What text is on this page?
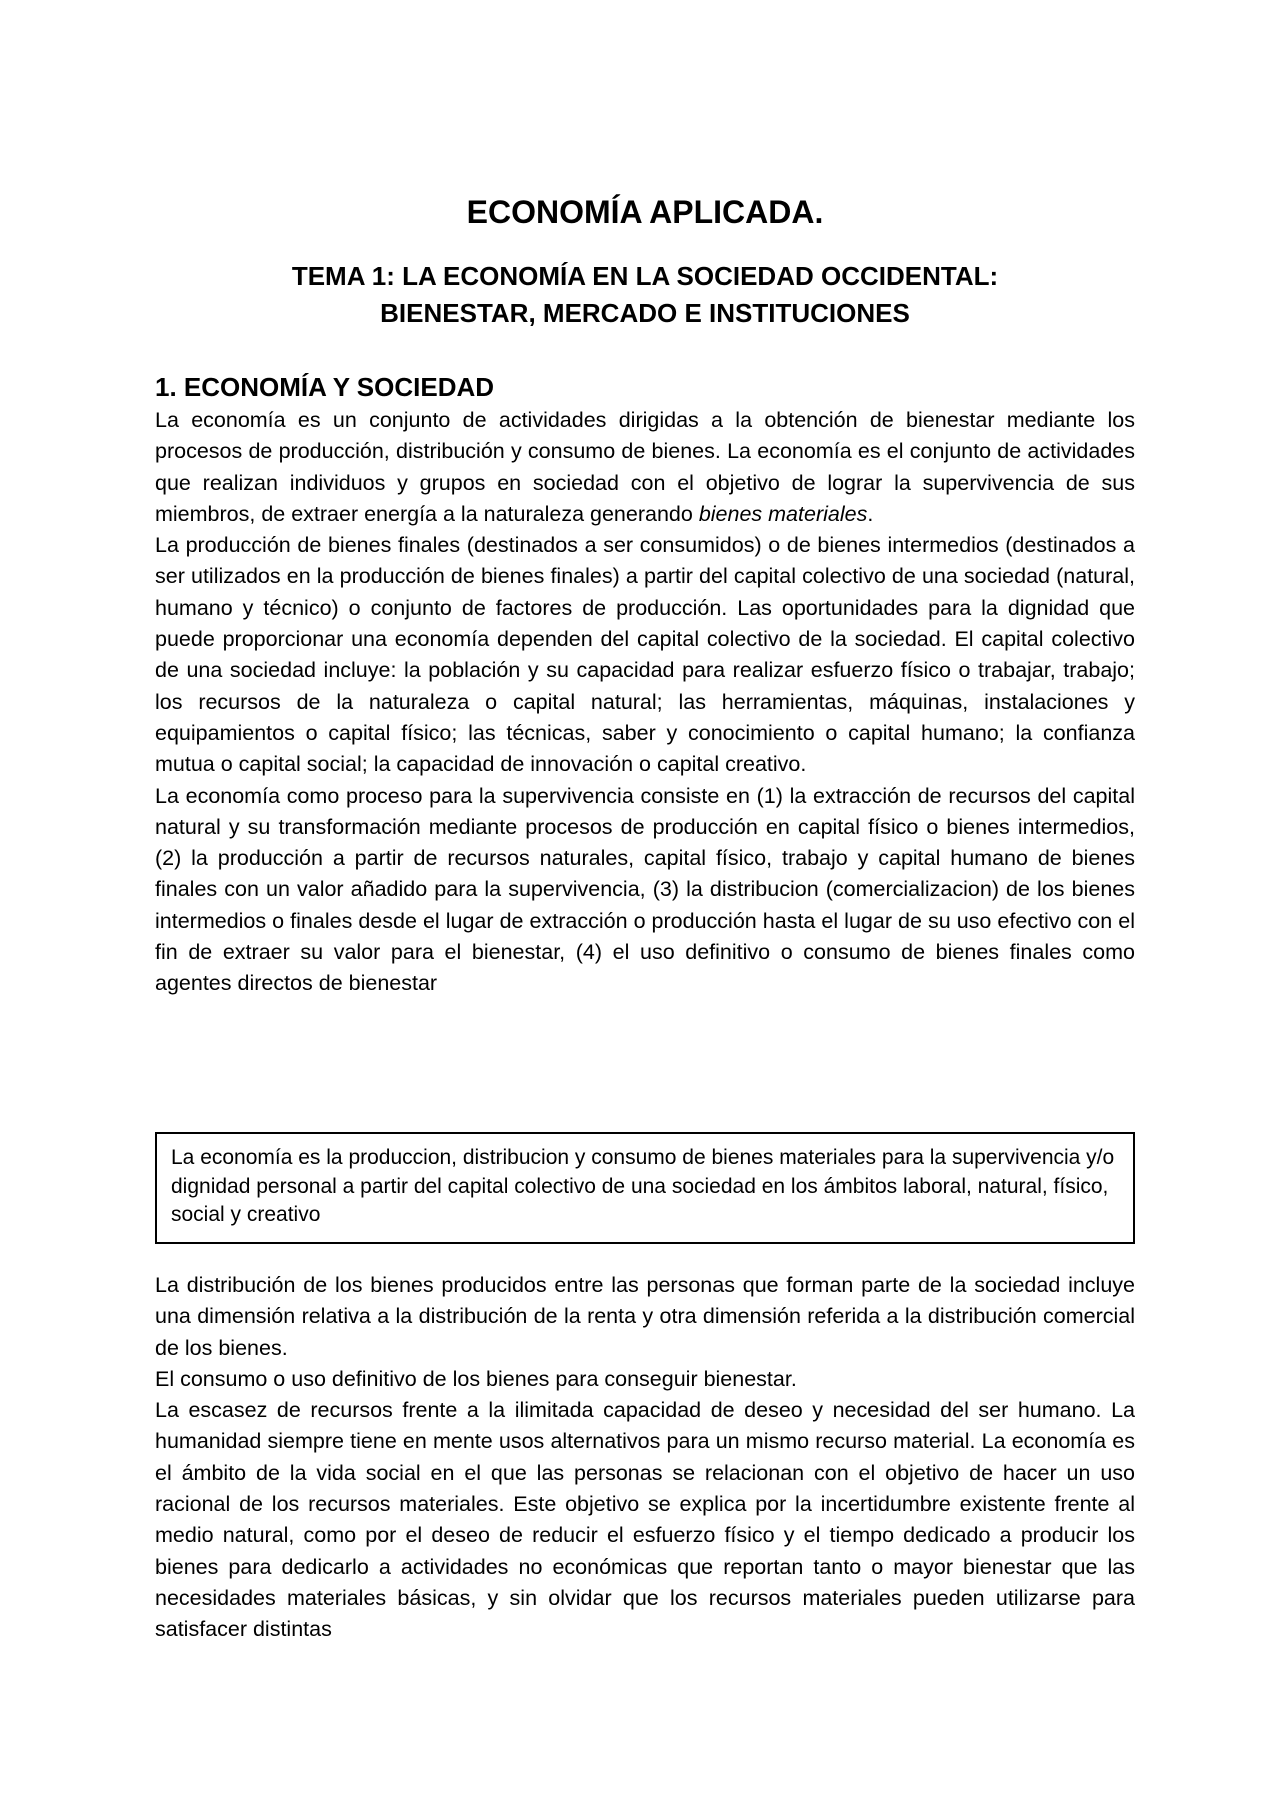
ECONOMÍA APLICADA.
TEMA 1: LA ECONOMÍA EN LA SOCIEDAD OCCIDENTAL:
BIENESTAR, MERCADO E INSTITUCIONES
1. ECONOMÍA Y SOCIEDAD

La economía es un conjunto de actividades dirigidas a la obtención de bienestar mediante los procesos de producción, distribución y consumo de bienes. La economía es el conjunto de actividades que realizan individuos y grupos en sociedad con el objetivo de lograr la supervivencia de sus miembros, de extraer energía a la naturaleza generando bienes materiales.

La producción de bienes finales (destinados a ser consumidos) o de bienes intermedios (destinados a ser utilizados en la producción de bienes finales) a partir del capital colectivo de una sociedad (natural, humano y técnico) o conjunto de factores de producción. Las oportunidades para la dignidad que puede proporcionar una economía dependen del capital colectivo de la sociedad. El capital colectivo de una sociedad incluye: la población y su capacidad para realizar esfuerzo físico o trabajar, trabajo; los recursos de la naturaleza o capital natural; las herramientas, máquinas, instalaciones y equipamientos o capital físico; las técnicas, saber y conocimiento o capital humano; la confianza mutua o capital social; la capacidad de innovación o capital creativo.

La economía como proceso para la supervivencia consiste en (1) la extracción de recursos del capital natural y su transformación mediante procesos de producción en capital físico o bienes intermedios, (2) la producción a partir de recursos naturales, capital físico, trabajo y capital humano de bienes finales con un valor añadido para la supervivencia, (3) la distribucion (comercializacion) de los bienes intermedios o finales desde el lugar de extracción o producción hasta el lugar de su uso efectivo con el fin de extraer su valor para el bienestar, (4) el uso definitivo o consumo de bienes finales como agentes directos de bienestar

La economía es la produccion, distribucion y consumo de bienes materiales para la supervivencia y/o dignidad personal a partir del capital colectivo de una sociedad en los ámbitos laboral, natural, físico, social y creativo

La distribución de los bienes producidos entre las personas que forman parte de la sociedad incluye una dimensión relativa a la distribución de la renta y otra dimensión referida a la distribución comercial de los bienes.

El consumo o uso definitivo de los bienes para conseguir bienestar.

La escasez de recursos frente a la ilimitada capacidad de deseo y necesidad del ser humano. La humanidad siempre tiene en mente usos alternativos para un mismo recurso material. La economía es el ámbito de la vida social en el que las personas se relacionan con el objetivo de hacer un uso racional de los recursos materiales. Este objetivo se explica por la incertidumbre existente frente al medio natural, como por el deseo de reducir el esfuerzo físico y el tiempo dedicado a producir los bienes para dedicarlo a actividades no económicas que reportan tanto o mayor bienestar que las necesidades materiales básicas, y sin olvidar que los recursos materiales pueden utilizarse para satisfacer distintas
